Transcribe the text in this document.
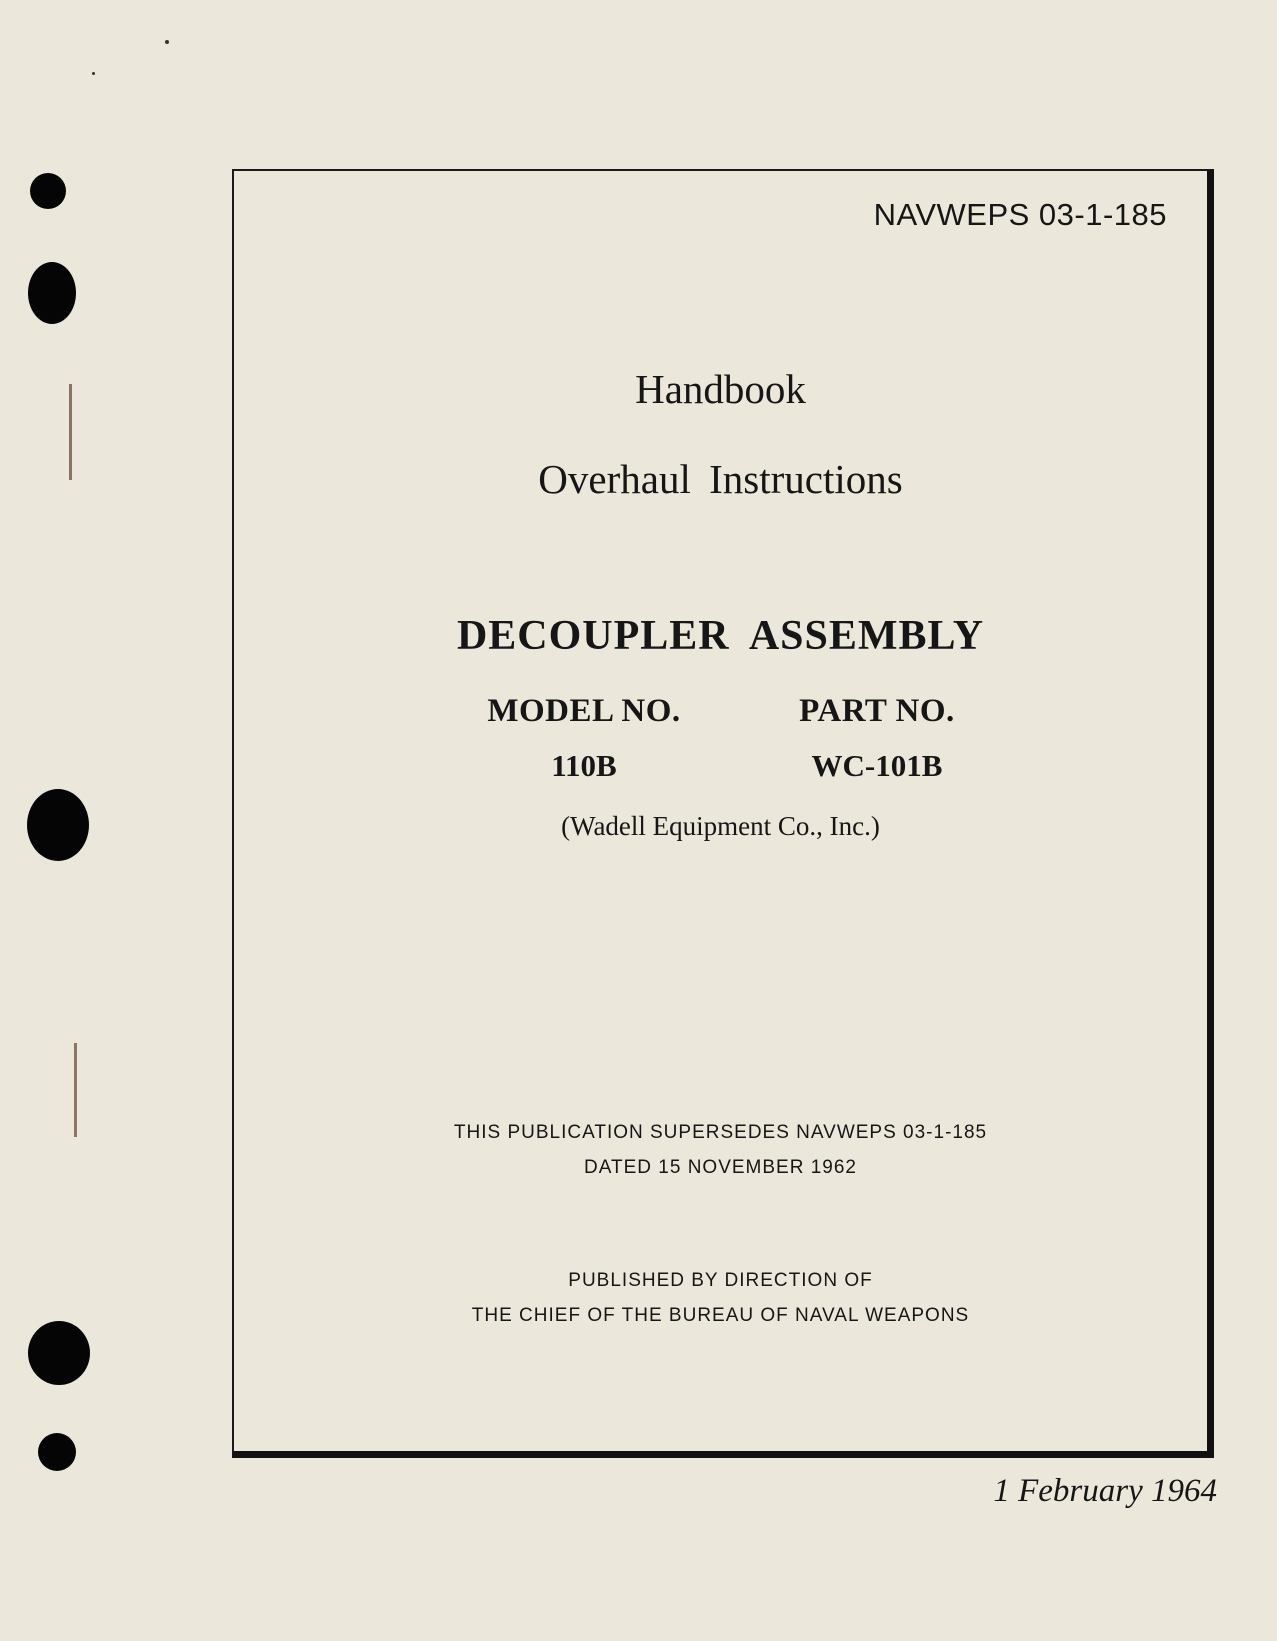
NAVWEPS 03-1-185

Handbook
Overhaul Instructions
DECOUPLER ASSEMBLY
MODEL NO.
110B
PART NO.
WC-101B

(Wadell Equipment Co., Inc.)

THIS PUBLICATION SUPERSEDES NAVWEPS 03-1-185
DATED 15 NOVEMBER 1962
PUBLISHED BY DIRECTION OF
THE CHIEF OF THE BUREAU OF NAVAL WEAPONS

1 February 1964
